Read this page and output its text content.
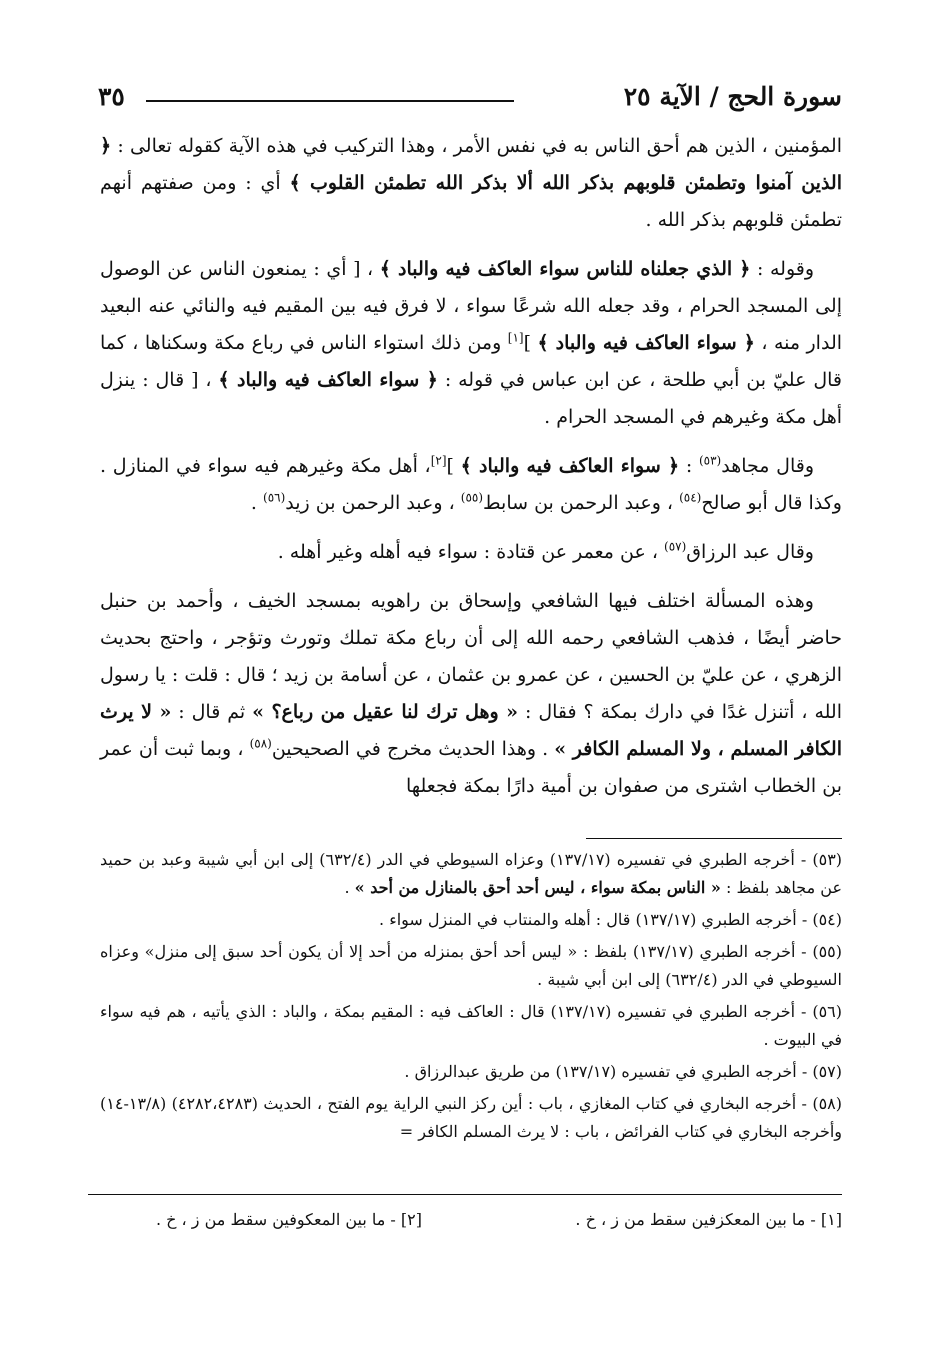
سورة الحج / الآية ٢٥
٣٥

المؤمنين ، الذين هم أحق الناس به في نفس الأمر ، وهذا التركيب في هذه الآية كقوله تعالى : ﴿ الذين آمنوا وتطمئن قلوبهم بذكر الله ألا بذكر الله تطمئن القلوب ﴾ أي : ومن صفتهم أنهم تطمئن قلوبهم بذكر الله .

وقوله : ﴿ الذي جعلناه للناس سواء العاكف فيه والباد ﴾ ، [ أي : يمنعون الناس عن الوصول إلى المسجد الحرام ، وقد جعله الله شرعًا سواء ، لا فرق فيه بين المقيم فيه والنائي عنه البعيد الدار منه ، ﴿ سواء العاكف فيه والباد ﴾ ][١] ومن ذلك استواء الناس في رباع مكة وسكناها ، كما قال عليّ بن أبي طلحة ، عن ابن عباس في قوله : ﴿ سواء العاكف فيه والباد ﴾ ، [ قال : ينزل أهل مكة وغيرهم في المسجد الحرام .

وقال مجاهد$^{(٥٣)}$ : ﴿ سواء العاكف فيه والباد ﴾ ][٢]، أهل مكة وغيرهم فيه سواء في المنازل . وكذا قال أبو صالح$^{(٥٤)}$ ، وعبد الرحمن بن سابط$^{(٥٥)}$ ، وعبد الرحمن بن زيد$^{(٥٦)}$ .

وقال عبد الرزاق$^{(٥٧)}$ ، عن معمر عن قتادة : سواء فيه أهله وغير أهله .

وهذه المسألة اختلف فيها الشافعي وإسحاق بن راهويه بمسجد الخيف ، وأحمد بن حنبل حاضر أيضًا ، فذهب الشافعي رحمه الله إلى أن رباع مكة تملك وتورث وتؤجر ، واحتج بحديث الزهري ، عن عليّ بن الحسين ، عن عمرو بن عثمان ، عن أسامة بن زيد ؛ قال : قلت : يا رسول الله ، أتنزل غدًا في دارك بمكة ؟ فقال : « وهل ترك لنا عقيل من رباع؟ » ثم قال : « لا يرث الكافر المسلم ، ولا المسلم الكافر » . وهذا الحديث مخرج في الصحيحين$^{(٥٨)}$ ، وبما ثبت أن عمر بن الخطاب اشترى من صفوان بن أمية دارًا بمكة فجعلها

(٥٣) - أخرجه الطبري في تفسيره (١٣٧/١٧) وعزاه السيوطي في الدر (٦٣٢/٤) إلى ابن أبي شيبة وعبد بن حميد عن مجاهد بلفظ : « الناس بمكة سواء ، ليس أحد أحق بالمنازل من أحد » .
(٥٤) - أخرجه الطبري (١٣٧/١٧) قال : أهله والمنتاب في المنزل سواء .
(٥٥) - أخرجه الطبري (١٣٧/١٧) بلفظ : « ليس أحد أحق بمنزله من أحد إلا أن يكون أحد سبق إلى منزل» وعزاه السيوطي في الدر (٦٣٢/٤) إلى ابن أبي شيبة .
(٥٦) - أخرجه الطبري في تفسيره (١٣٧/١٧) قال : العاكف فيه : المقيم بمكة ، والباد : الذي يأتيه ، هم فيه سواء في البيوت .
(٥٧) - أخرجه الطبري في تفسيره (١٣٧/١٧) من طريق عبدالرزاق .
(٥٨) - أخرجه البخاري في كتاب المغازي ، باب : أين ركز النبي الراية يوم الفتح ، الحديث (٤٢٨٢،٤٢٨٣) (١٣/٨-١٤) وأخرجه البخاري في كتاب الفرائض ، باب : لا يرث المسلم الكافر =
[١] - ما بين المعكزفين سقط من ز ، خ .
[٢] - ما بين المعكوفين سقط من ز ، خ .
